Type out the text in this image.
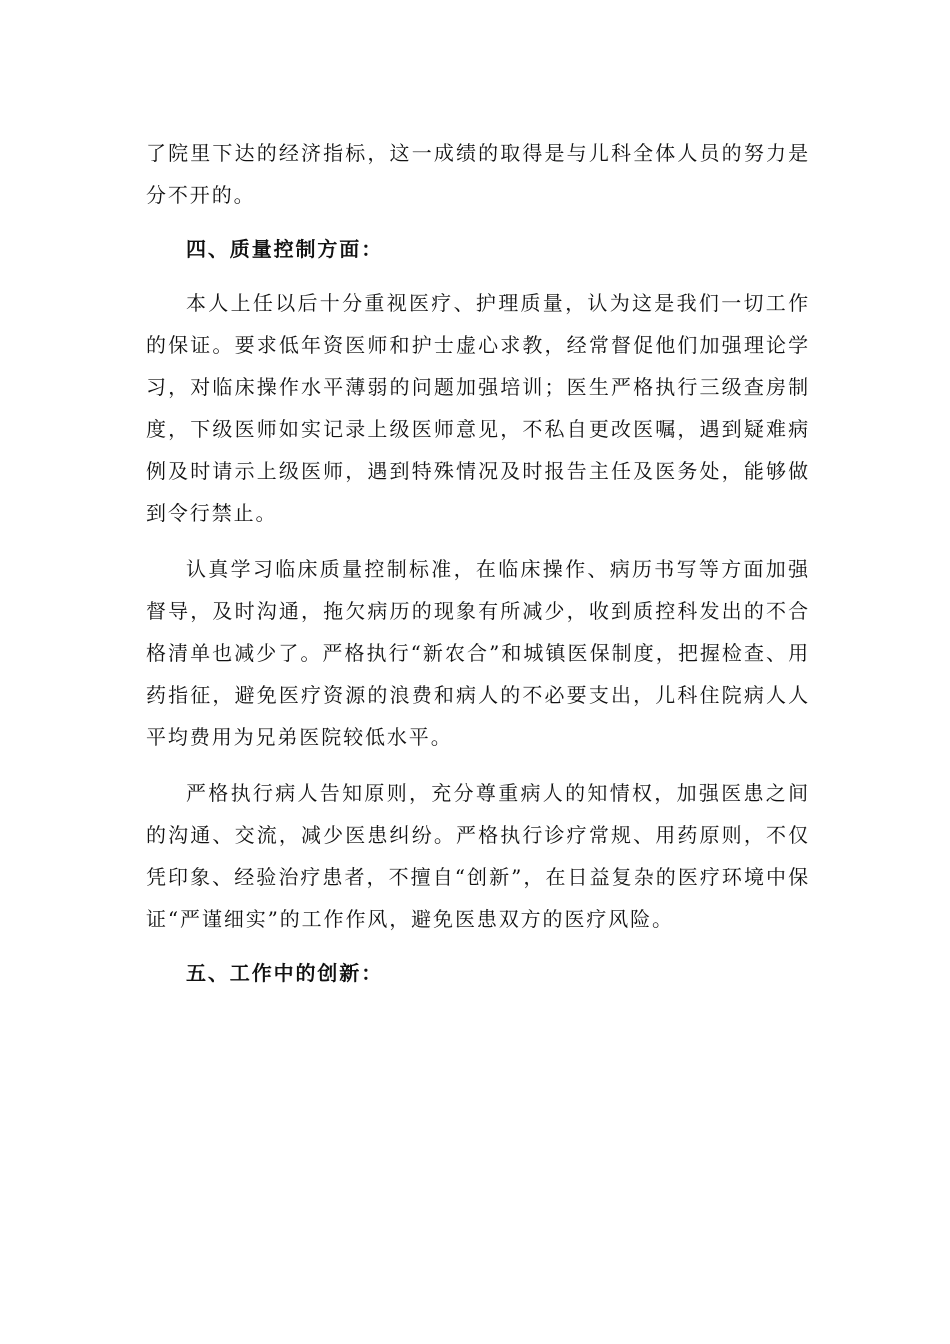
了院里下达的经济指标，这一成绩的取得是与儿科全体人员的努力是分不开的。

四、质量控制方面：

本人上任以后十分重视医疗、护理质量，认为这是我们一切工作的保证。要求低年资医师和护士虚心求教，经常督促他们加强理论学习，对临床操作水平薄弱的问题加强培训；医生严格执行三级查房制度，下级医师如实记录上级医师意见，不私自更改医嘱，遇到疑难病例及时请示上级医师，遇到特殊情况及时报告主任及医务处，能够做到令行禁止。

认真学习临床质量控制标准，在临床操作、病历书写等方面加强督导，及时沟通，拖欠病历的现象有所减少，收到质控科发出的不合格清单也减少了。严格执行“新农合”和城镇医保制度，把握检查、用药指征，避免医疗资源的浪费和病人的不必要支出，儿科住院病人人平均费用为兄弟医院较低水平。

严格执行病人告知原则，充分尊重病人的知情权，加强医患之间的沟通、交流，减少医患纠纷。严格执行诊疗常规、用药原则，不仅凭印象、经验治疗患者，不擅自“创新”，在日益复杂的医疗环境中保证“严谨细实”的工作作风，避免医患双方的医疗风险。

五、工作中的创新：
